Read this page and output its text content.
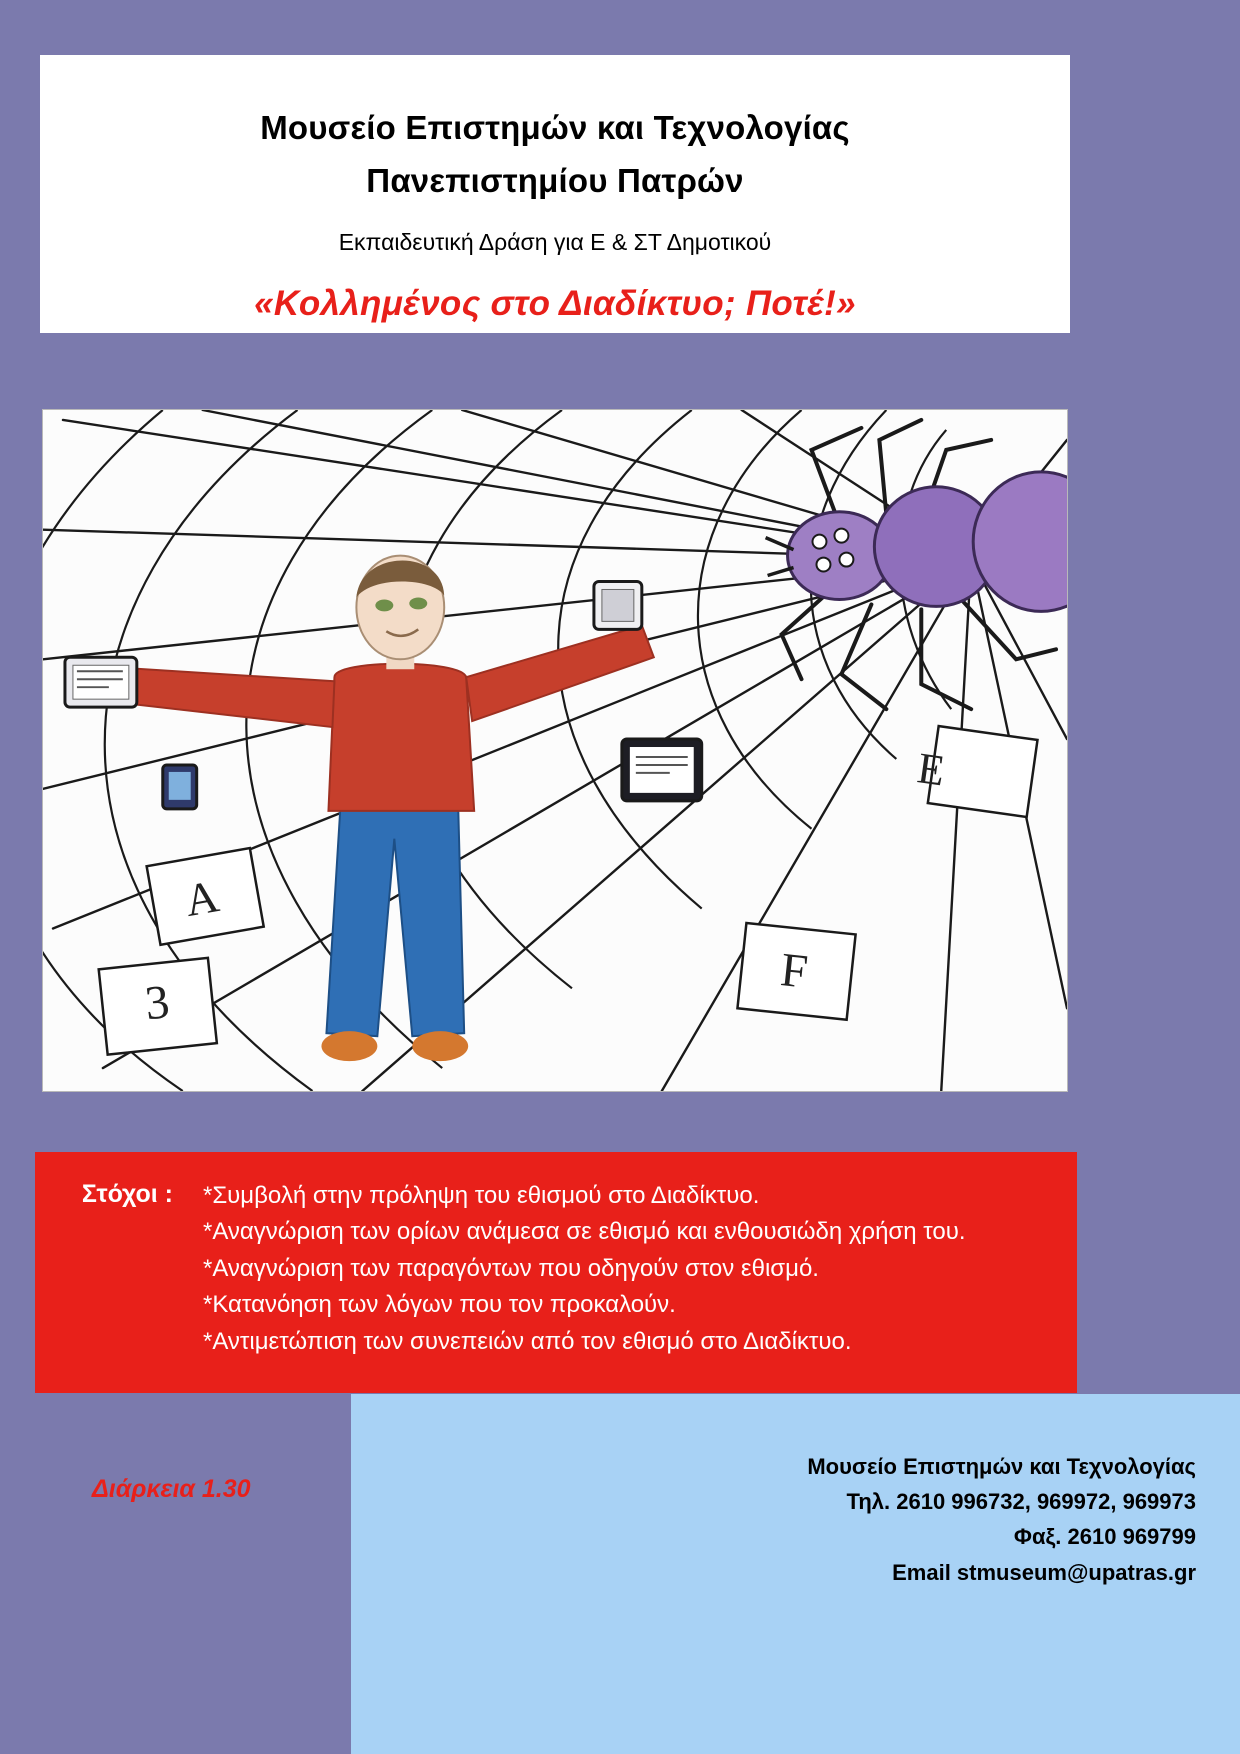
Μουσείο Επιστημών και Τεχνολογίας
Πανεπιστημίου Πατρών
Εκπαιδευτική Δράση για Ε & ΣΤ Δημοτικού
«Κολλημένος στο Διαδίκτυο; Ποτέ!»
A
E
3
F
Στόχοι :	*Συμβολή στην πρόληψη του εθισμού στο Διαδίκτυο.
*Αναγνώριση των ορίων ανάμεσα σε εθισμό και ενθουσιώδη χρήση του.
*Αναγνώριση των παραγόντων που οδηγούν στον εθισμό.
*Κατανόηση των λόγων που τον προκαλούν.
*Αντιμετώπιση των συνεπειών από τον εθισμό στο Διαδίκτυο.
Μουσείο Επιστημών και Τεχνολογίας
Τηλ. 2610 996732, 969972, 969973
Φαξ. 2610 969799
Email stmuseum@upatras.gr
Διάρκεια 1.30
